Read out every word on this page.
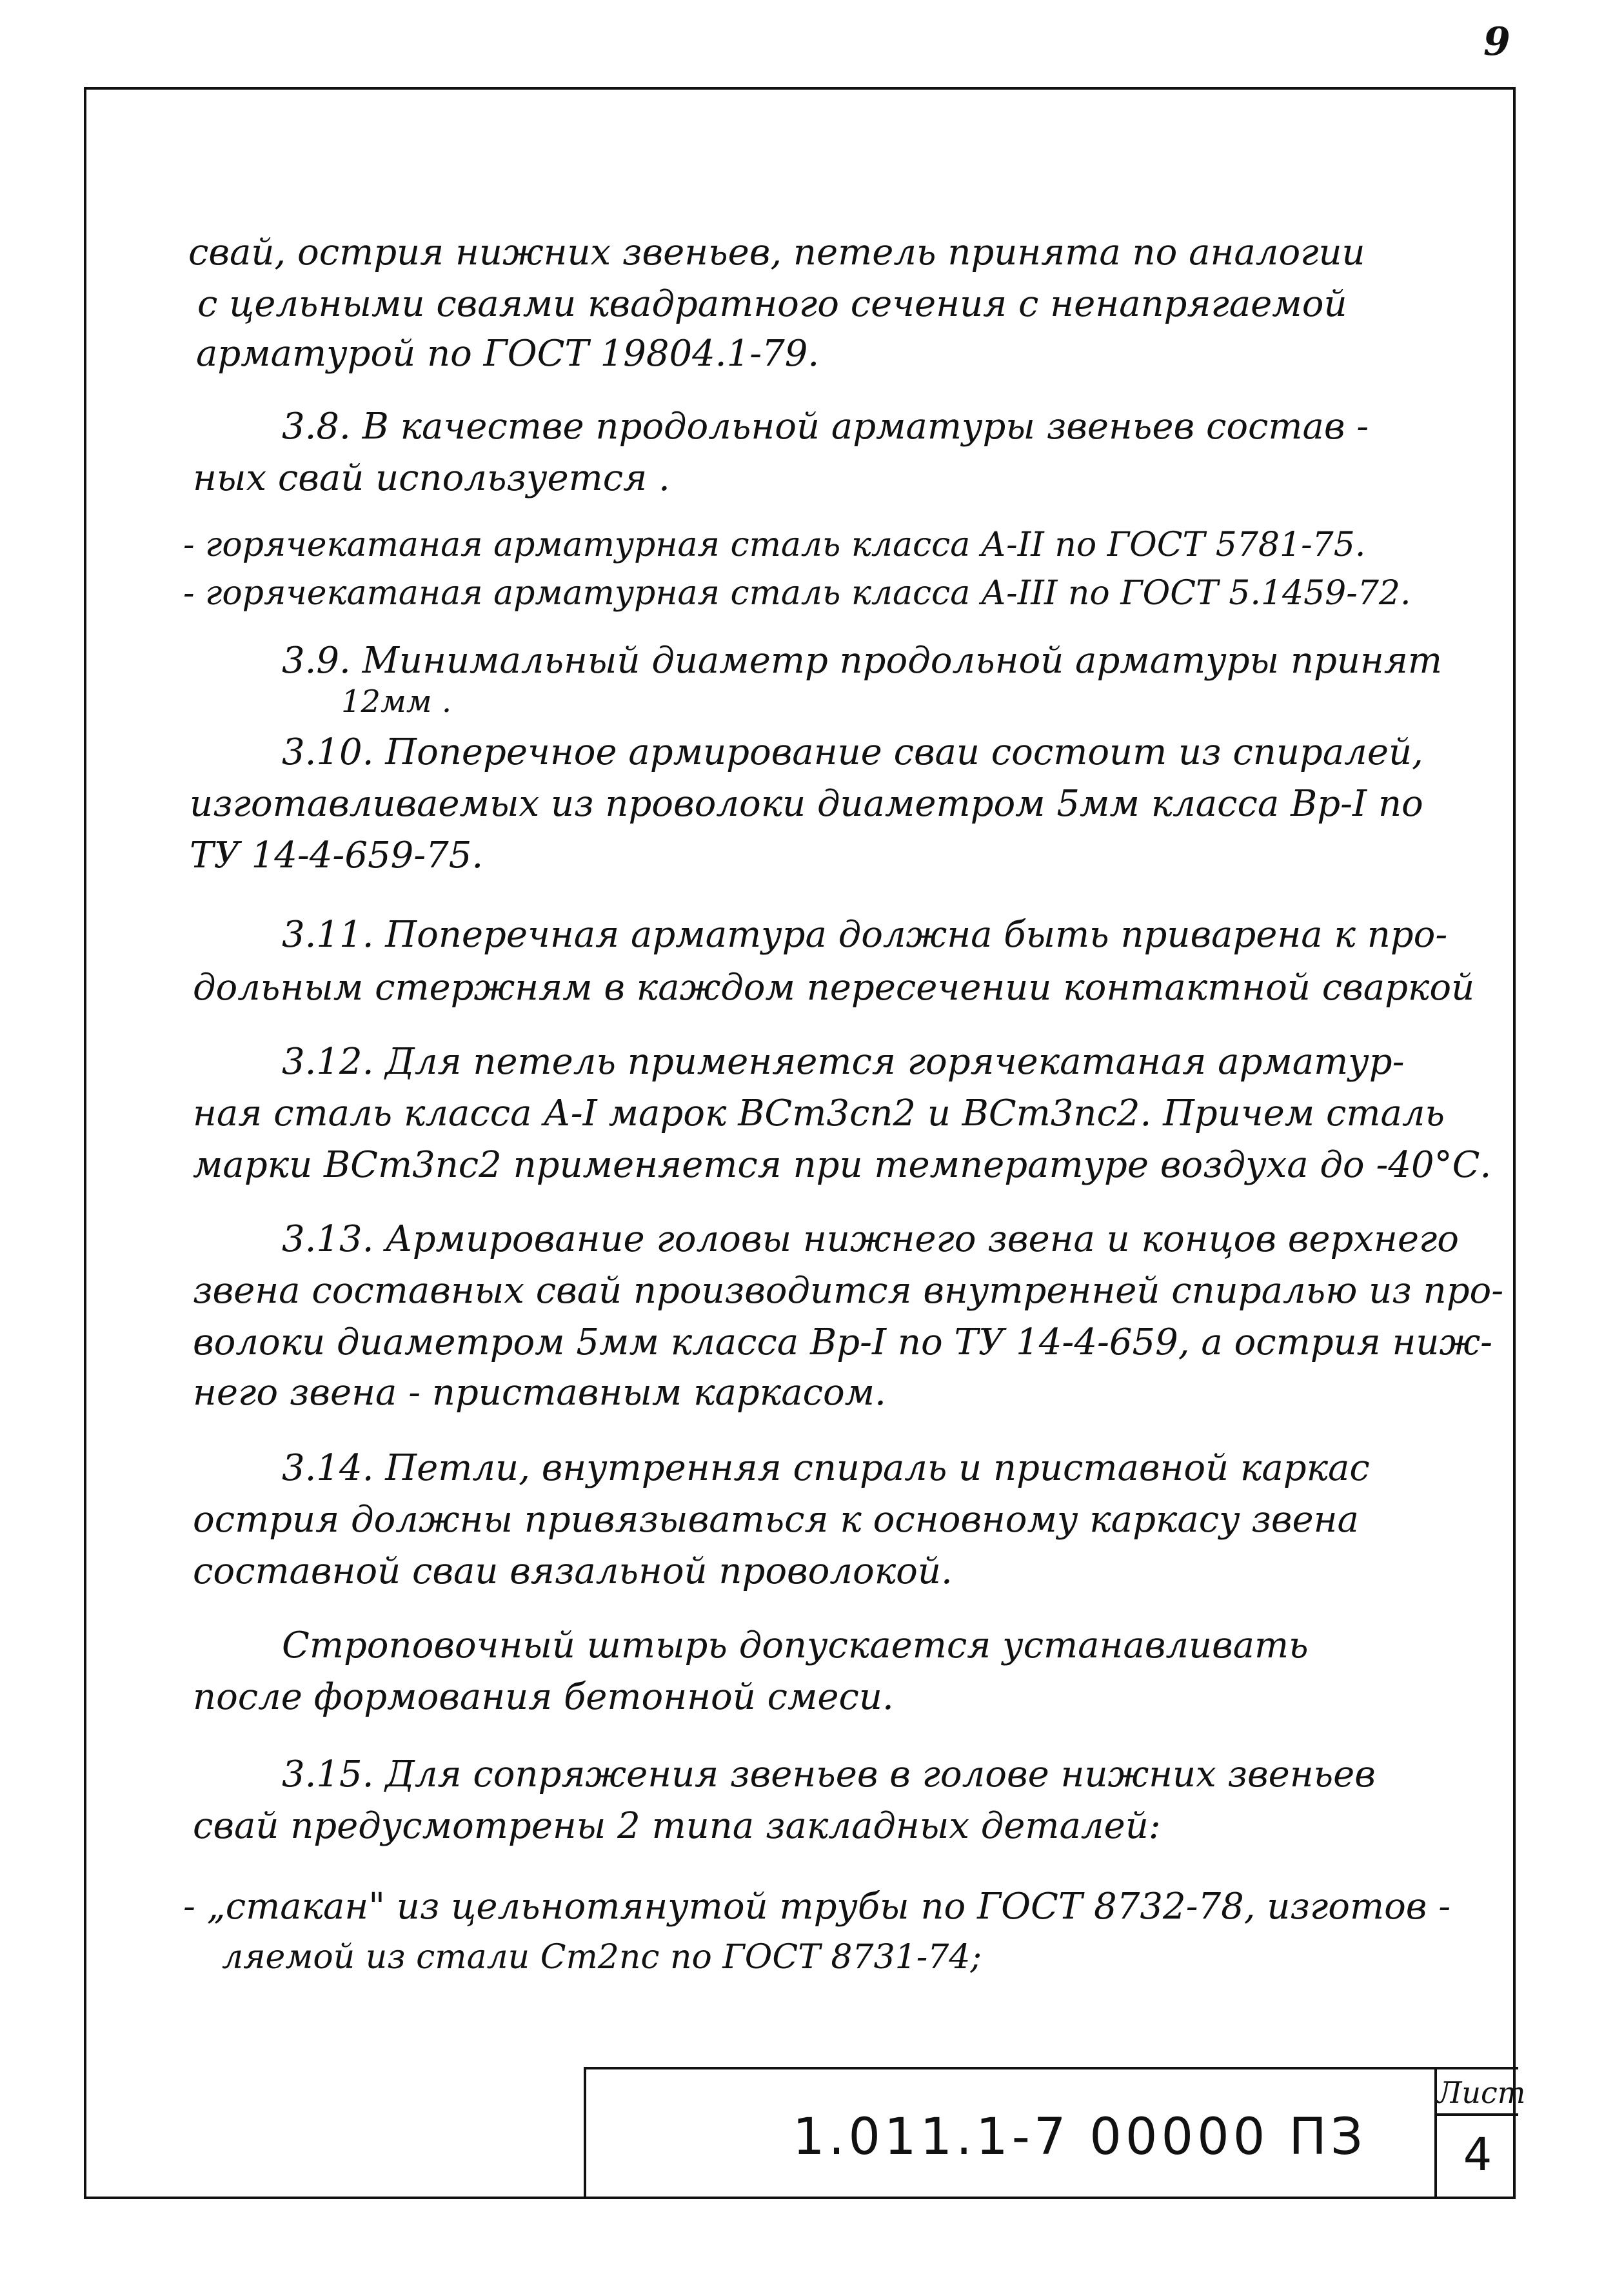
9
свай, острия нижних звеньев, петель принята по аналогии
с цельными сваями квадратного сечения с ненапрягаемой
арматурой по ГОСТ 19804.1-79.
3.8. В качестве продольной арматуры звеньев состав -
ных свай используется .
- горячекатаная арматурная сталь класса А-II по ГОСТ 5781-75.
- горячекатаная арматурная сталь класса А-III по ГОСТ 5.1459-72.
3.9. Минимальный диаметр продольной арматуры принят
12мм .
3.10. Поперечное армирование сваи состоит из спиралей,
изготавливаемых из проволоки диаметром 5мм класса Вр-I по
ТУ 14-4-659-75.
3.11. Поперечная арматура должна быть приварена к про-
дольным стержням в каждом пересечении контактной сваркой
3.12. Для петель применяется горячекатаная арматур-
ная сталь класса А-I марок ВСт3сп2 и ВСт3пс2. Причем сталь
марки ВСт3пс2 применяется при температуре воздуха до -40°С.
3.13. Армирование головы нижнего звена и концов верхнего
звена составных свай производится внутренней спиралью из про-
волоки диаметром 5мм класса Вр-I по ТУ 14-4-659, а острия ниж-
него звена - приставным каркасом.
3.14. Петли, внутренняя спираль и приставной каркас
острия должны привязываться к основному каркасу звена
составной сваи вязальной проволокой.
Строповочный штырь допускается устанавливать
после формования бетонной смеси.
3.15. Для сопряжения звеньев в голове нижних звеньев
свай предусмотрены 2 типа закладных деталей:
- „стакан" из цельнотянутой трубы по ГОСТ 8732-78, изготов -
ляемой из стали Ст2пс по ГОСТ 8731-74;
1.011.1-7 00000 ПЗ
Лист
4
